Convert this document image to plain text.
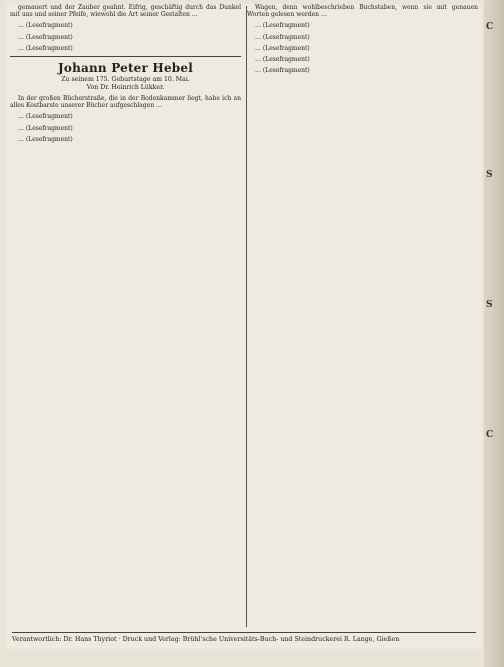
gemauert und der Zauber geahnt. Eifrig, geschäftig durch das Dunkel mit uns und seiner Pfeife, wiewohl die Art seiner Gestalten …

… (Lesefragment)

… (Lesefragment)

… (Lesefragment)

Johann Peter Hebel
Zu seinem 175. Geburtstage am 10. Mai.
Von Dr. Heinrich Lükker.

In der großen Bücherstraße, die in der Bodenkammer liegt, habe ich an alles Kostbarste unserer Bücher aufgeschlagen …

… (Lesefragment)

… (Lesefragment)

… (Lesefragment)

Wagen, denn wohlbeschrieben Buchstaben, wenn sie mit genauen Worten gelesen werden …

… (Lesefragment)

… (Lesefragment)

… (Lesefragment)

… (Lesefragment)

… (Lesefragment)

Verantwortlich: Dr. Hans Thyriot · Druck und Verlag: Brühl'sche Universitäts-Buch- und Steindruckerei R. Lange, Gießen
C
S
S
C
